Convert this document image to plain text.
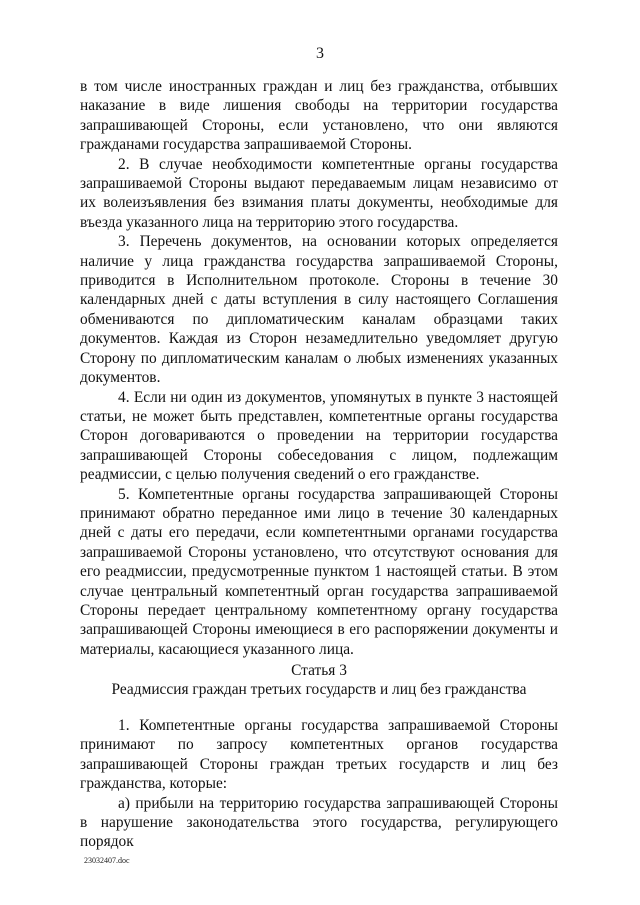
3

в том числе иностранных граждан и лиц без гражданства, отбывших наказание в виде лишения свободы на территории государства запрашивающей Стороны, если установлено, что они являются гражданами государства запрашиваемой Стороны.

2. В случае необходимости компетентные органы государства запрашиваемой Стороны выдают передаваемым лицам независимо от их волеизъявления без взимания платы документы, необходимые для въезда указанного лица на территорию этого государства.

3. Перечень документов, на основании которых определяется наличие у лица гражданства государства запрашиваемой Стороны, приводится в Исполнительном протоколе. Стороны в течение 30 календарных дней с даты вступления в силу настоящего Соглашения обмениваются по дипломатическим каналам образцами таких документов. Каждая из Сторон незамедлительно уведомляет другую Сторону по дипломатическим каналам о любых изменениях указанных документов.

4. Если ни один из документов, упомянутых в пункте 3 настоящей статьи, не может быть представлен, компетентные органы государства Сторон договариваются о проведении на территории государства запрашивающей Стороны собеседования с лицом, подлежащим реадмиссии, с целью получения сведений о его гражданстве.

5. Компетентные органы государства запрашивающей Стороны принимают обратно переданное ими лицо в течение 30 календарных дней с даты его передачи, если компетентными органами государства запрашиваемой Стороны установлено, что отсутствуют основания для его реадмиссии, предусмотренные пунктом 1 настоящей статьи. В этом случае центральный компетентный орган государства запрашиваемой Стороны передает центральному компетентному органу государства запрашивающей Стороны имеющиеся в его распоряжении документы и материалы, касающиеся указанного лица.

Статья 3
Реадмиссия граждан третьих государств и лиц без гражданства

1. Компетентные органы государства запрашиваемой Стороны принимают по запросу компетентных органов государства запрашивающей Стороны граждан третьих государств и лиц без гражданства, которые:

а) прибыли на территорию государства запрашивающей Стороны в нарушение законодательства этого государства, регулирующего порядок

23032407.doc
